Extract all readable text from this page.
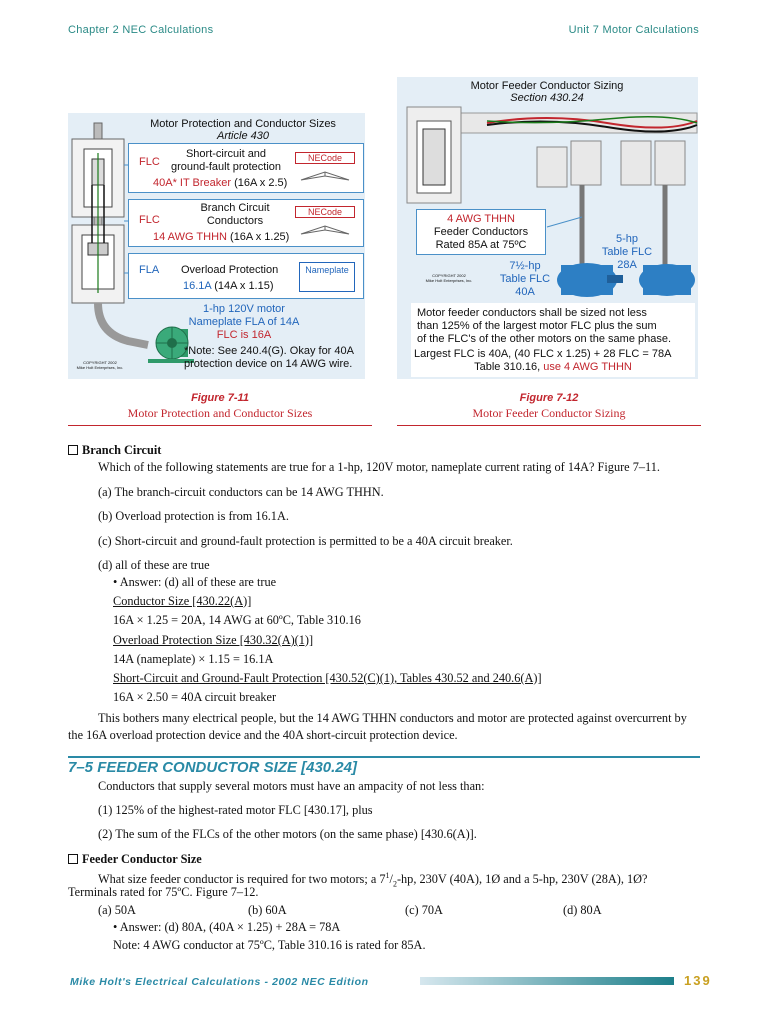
Chapter 2 NEC Calculations	Unit 7 Motor Calculations
Motor Protection and Conductor Sizes
Article 430
FLC
Short-circuit and
ground-fault protection
40A* IT Breaker (16A x 2.5)
NECode
FLC
Branch Circuit
Conductors
14 AWG THHN (16A x 1.25)
NECode
FLA Overload Protection
16.1A (14A x 1.15)
Nameplate
1-hp 120V motor
Nameplate FLA of 14A
FLC is 16A
*Note: See 240.4(G). Okay for 40A
protection device on 14 AWG wire.
COPYRIGHT 2002
Mike Holt Enterprises, Inc.
Figure 7-11
Motor Protection and Conductor Sizes
Motor Feeder Conductor Sizing
Section 430.24
4 AWG THHN
Feeder Conductors
Rated 85A at 75ºC	5-hp
Table FLC
28A
7½-hp
Table FLC
40A
COPYRIGHT 2002
Mike Holt Enterprises, Inc.
Motor feeder conductors shall be sized not less
than 125% of the largest motor FLC plus the sum
of the FLC's of the other motors on the same phase.
Largest FLC is 40A, (40 FLC x 1.25) + 28 FLC = 78A
Table 310.16, use 4 AWG THHN
Figure 7-12
Motor Feeder Conductor Sizing
Branch Circuit
Which of the following statements are true for a 1-hp, 120V motor, nameplate current rating of 14A? Figure 7–11.
(a) The branch-circuit conductors can be 14 AWG THHN.
(b) Overload protection is from 16.1A.
(c) Short-circuit and ground-fault protection is permitted to be a 40A circuit breaker.
(d) all of these are true
• Answer: (d) all of these are true
Conductor Size [430.22(A)]
16A × 1.25 = 20A, 14 AWG at 60ºC, Table 310.16
Overload Protection Size [430.32(A)(1)]
14A (nameplate) × 1.15 = 16.1A
Short-Circuit and Ground-Fault Protection [430.52(C)(1), Tables 430.52 and 240.6(A)]
16A × 2.50 = 40A circuit breaker
This bothers many electrical people, but the 14 AWG THHN conductors and motor are protected against overcurrent by
the 16A overload protection device and the 40A short-circuit protection device.
7–5 FEEDER CONDUCTOR SIZE [430.24]
Conductors that supply several motors must have an ampacity of not less than:
(1) 125% of the highest-rated motor FLC [430.17], plus
(2) The sum of the FLCs of the other motors (on the same phase) [430.6(A)].
Feeder Conductor Size
What size feeder conductor is required for two motors; a $7^1/_2-hp$, 230V (40A), 1Ø and a 5-hp, 230V (28A), 1Ø?
Terminals rated for 75ºC. Figure 7–12.
(a) 50A	(b) 60A	(c) 70A	(d) 80A
• Answer: (d) 80A, (40A × 1.25) + 28A = 78A
Note: 4 AWG conductor at 75ºC, Table 310.16 is rated for 85A.
Mike Holt's Electrical Calculations - 2002 NEC Edition	139
